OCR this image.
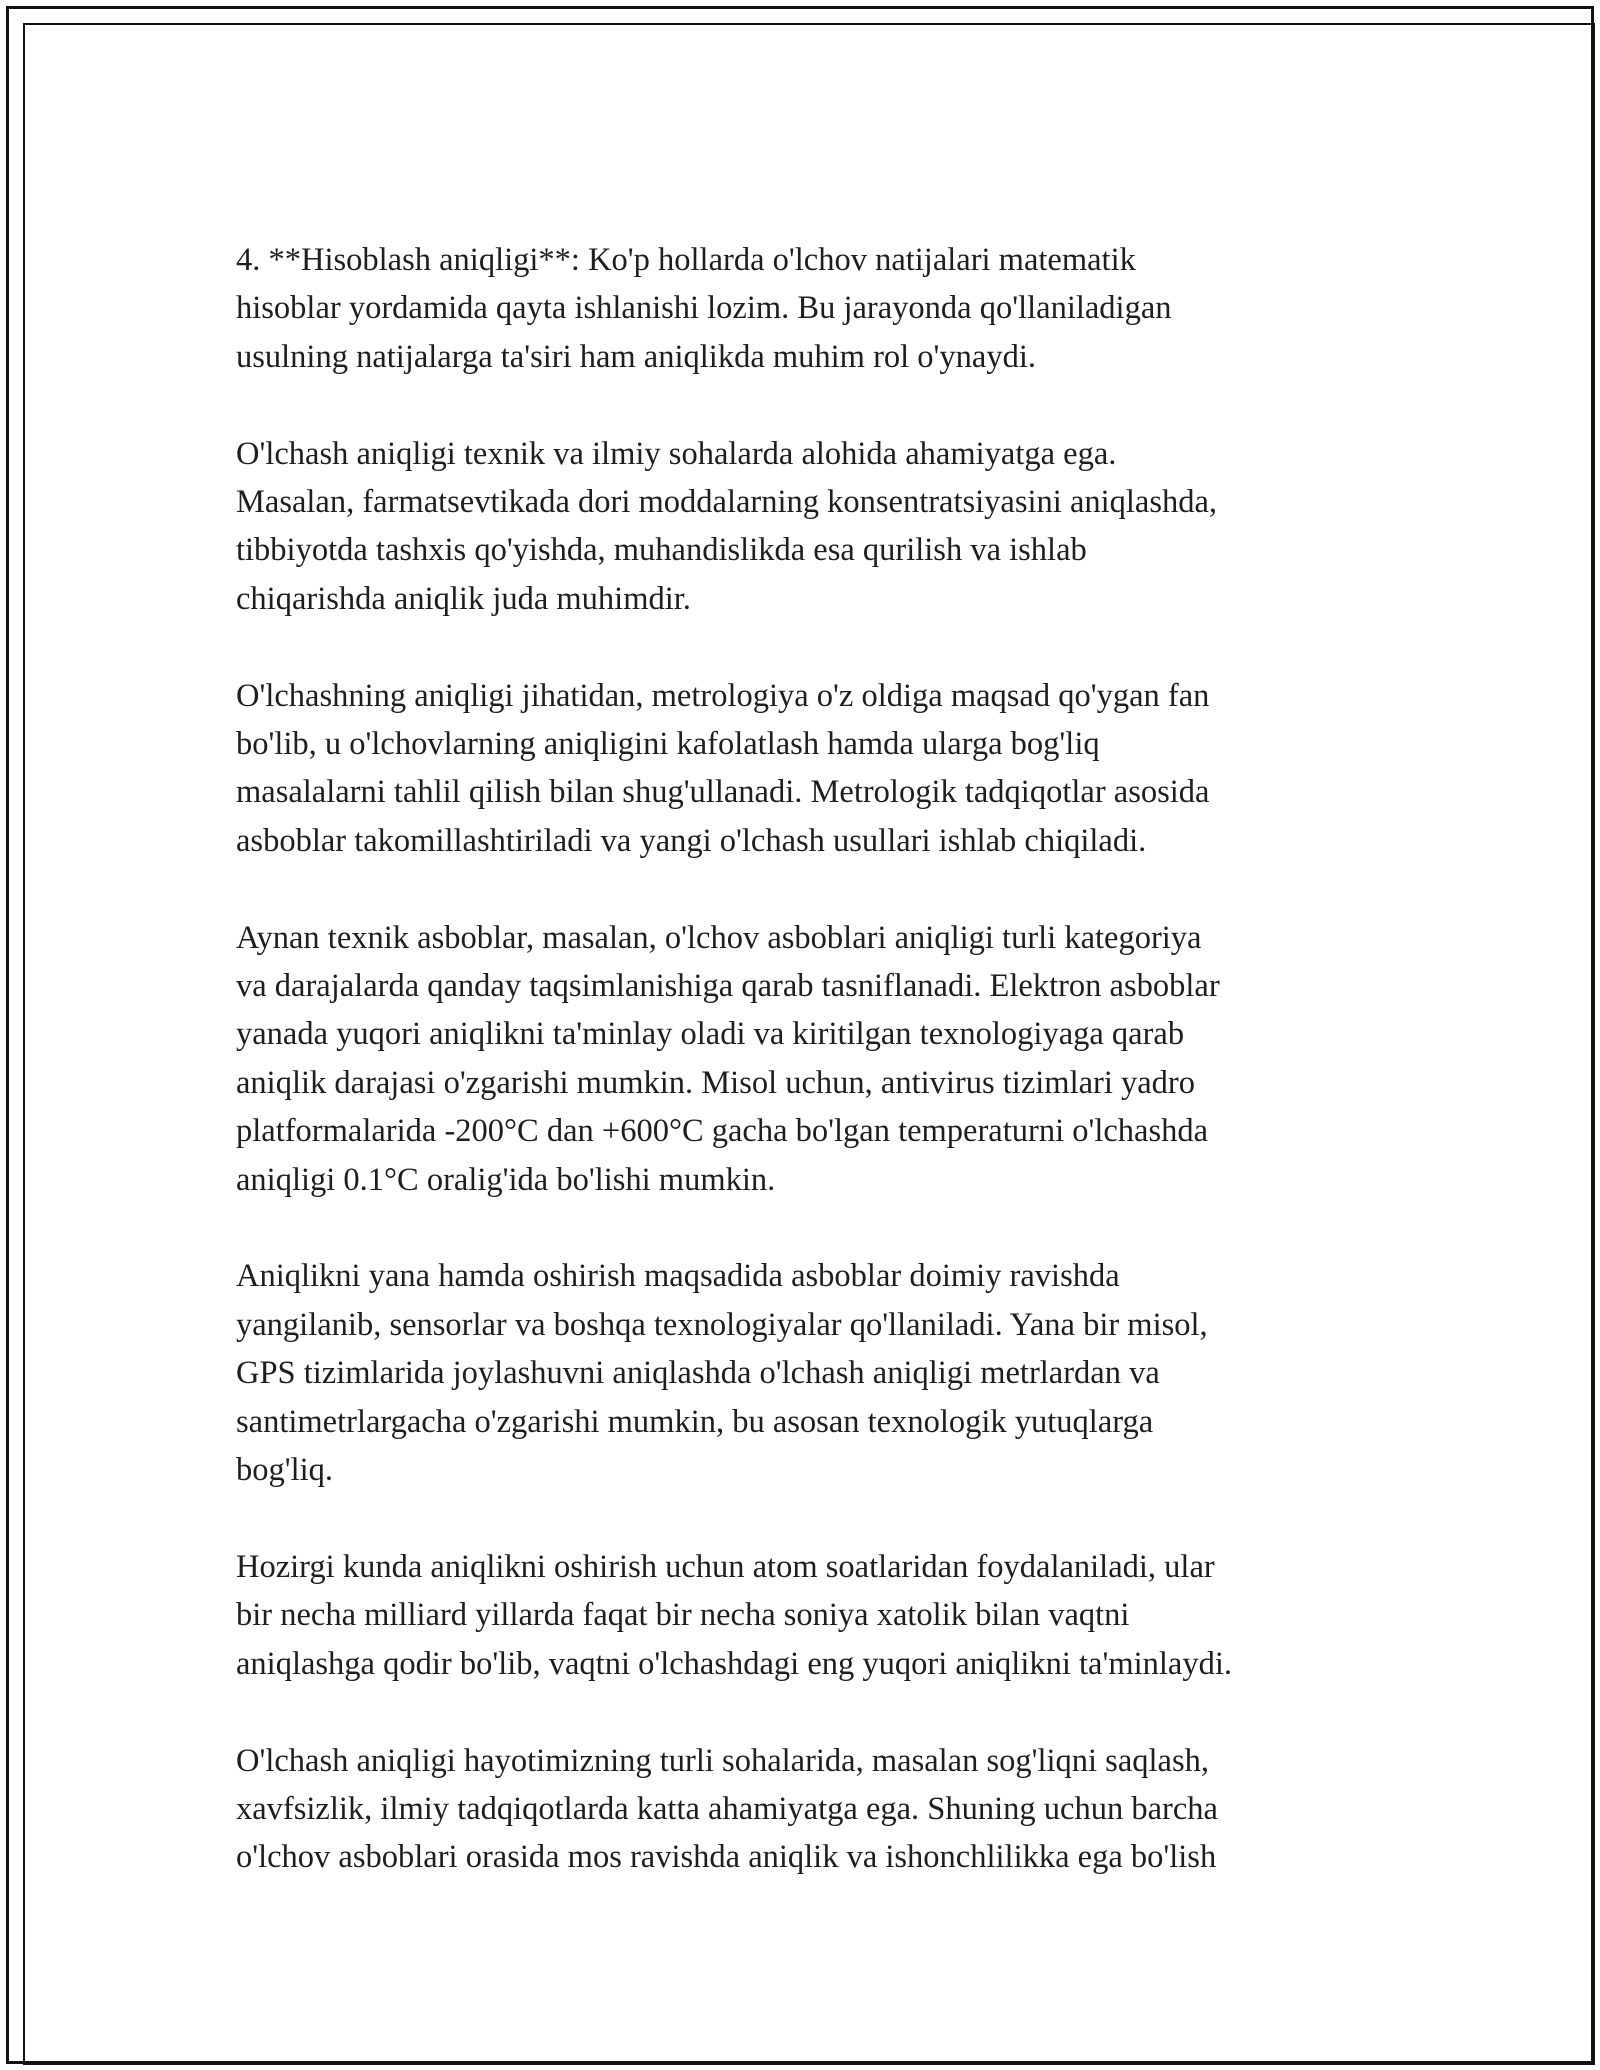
4. **Hisoblash aniqligi**: Ko'p hollarda o'lchov natijalari matematik
hisoblar yordamida qayta ishlanishi lozim. Bu jarayonda qo'llaniladigan
usulning natijalarga ta'siri ham aniqlikda muhim rol o'ynaydi.

O'lchash aniqligi texnik va ilmiy sohalarda alohida ahamiyatga ega.
Masalan, farmatsevtikada dori moddalarning konsentratsiyasini aniqlashda,
tibbiyotda tashxis qo'yishda, muhandislikda esa qurilish va ishlab
chiqarishda aniqlik juda muhimdir.

O'lchashning aniqligi jihatidan, metrologiya o'z oldiga maqsad qo'ygan fan
bo'lib, u o'lchovlarning aniqligini kafolatlash hamda ularga bog'liq
masalalarni tahlil qilish bilan shug'ullanadi. Metrologik tadqiqotlar asosida
asboblar takomillashtiriladi va yangi o'lchash usullari ishlab chiqiladi.

Aynan texnik asboblar, masalan, o'lchov asboblari aniqligi turli kategoriya
va darajalarda qanday taqsimlanishiga qarab tasniflanadi. Elektron asboblar
yanada yuqori aniqlikni ta'minlay oladi va kiritilgan texnologiyaga qarab
aniqlik darajasi o'zgarishi mumkin. Misol uchun, antivirus tizimlari yadro
platformalarida -200°C dan +600°C gacha bo'lgan temperaturni o'lchashda
aniqligi 0.1°C oralig'ida bo'lishi mumkin.

Aniqlikni yana hamda oshirish maqsadida asboblar doimiy ravishda
yangilanib, sensorlar va boshqa texnologiyalar qo'llaniladi. Yana bir misol,
GPS tizimlarida joylashuvni aniqlashda o'lchash aniqligi metrlardan va
santimetrlargacha o'zgarishi mumkin, bu asosan texnologik yutuqlarga
bog'liq.

Hozirgi kunda aniqlikni oshirish uchun atom soatlaridan foydalaniladi, ular
bir necha milliard yillarda faqat bir necha soniya xatolik bilan vaqtni
aniqlashga qodir bo'lib, vaqtni o'lchashdagi eng yuqori aniqlikni ta'minlaydi.

O'lchash aniqligi hayotimizning turli sohalarida, masalan sog'liqni saqlash,
xavfsizlik, ilmiy tadqiqotlarda katta ahamiyatga ega. Shuning uchun barcha
o'lchov asboblari orasida mos ravishda aniqlik va ishonchlilikka ega bo'lish
